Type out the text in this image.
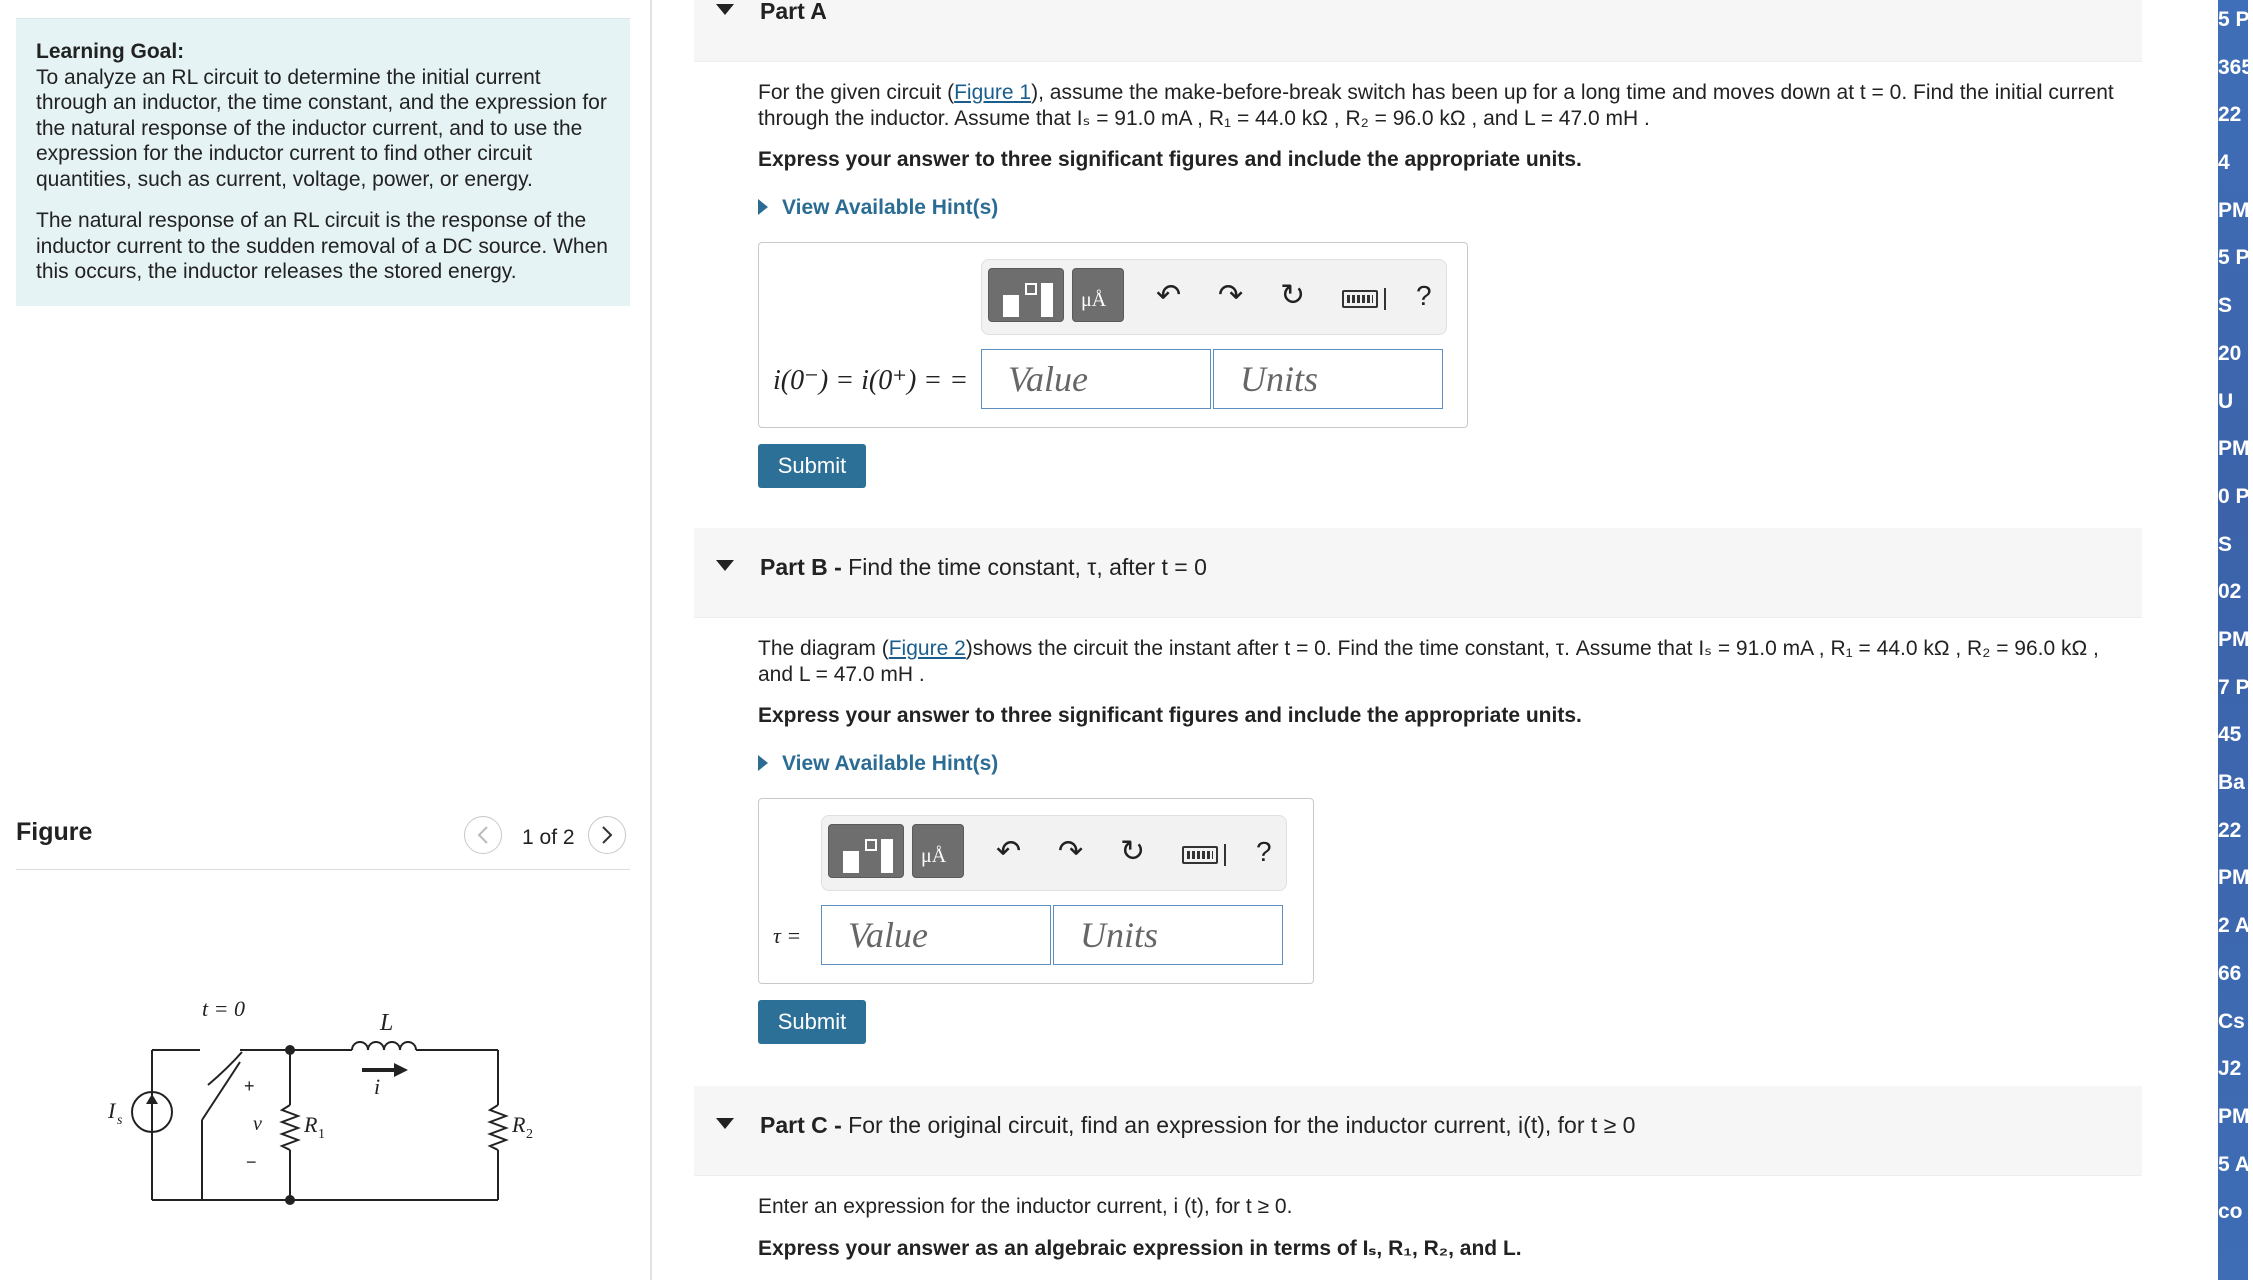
Learning Goal:

To analyze an RL circuit to determine the initial current through an inductor, the time constant, and the expression for the natural response of the inductor current, and to use the expression for the inductor current to find other circuit quantities, such as current, voltage, power, or energy.

The natural response of an RL circuit is the response of the inductor current to the sudden removal of a DC source. When this occurs, the inductor releases the stored energy.

Figure	1 of 2
t = 0
L
i
I s
+
v
−
R 1	R 2
Part A
For the given circuit (Figure 1), assume the make-before-break switch has been up for a long time and moves down at t = 0. Find the initial current through the inductor. Assume that Iₛ = 91.0 mA , R₁ = 44.0 kΩ , R₂ = 96.0 kΩ , and L = 47.0 mH .
Express your answer to three significant figures and include the appropriate units.
View Available Hint(s)
μÅ ↶ ↷ ↻	?
i(0⁻) = i(0⁺) = =	Value	Units
Submit
Part B - Find the time constant, τ, after t = 0
The diagram (Figure 2)shows the circuit the instant after t = 0. Find the time constant, τ. Assume that Iₛ = 91.0 mA , R₁ = 44.0 kΩ , R₂ = 96.0 kΩ , and L = 47.0 mH .
Express your answer to three significant figures and include the appropriate units.
View Available Hint(s)
μÅ ↶ ↷ ↻	?
τ =	Value	Units
Submit
Part C - For the original circuit, find an expression for the inductor current, i(t), for t ≥ 0
Enter an expression for the inductor current, i (t), for t ≥ 0.
Express your answer as an algebraic expression in terms of Iₛ, R₁, R₂, and L.
5 P
365
22
4
PM
5 P
S
20
U
PM
0 P
S
02
PM
7 P
45
Ba
22
PM
2 A
66
Cs
J2
PM
5 A
co
